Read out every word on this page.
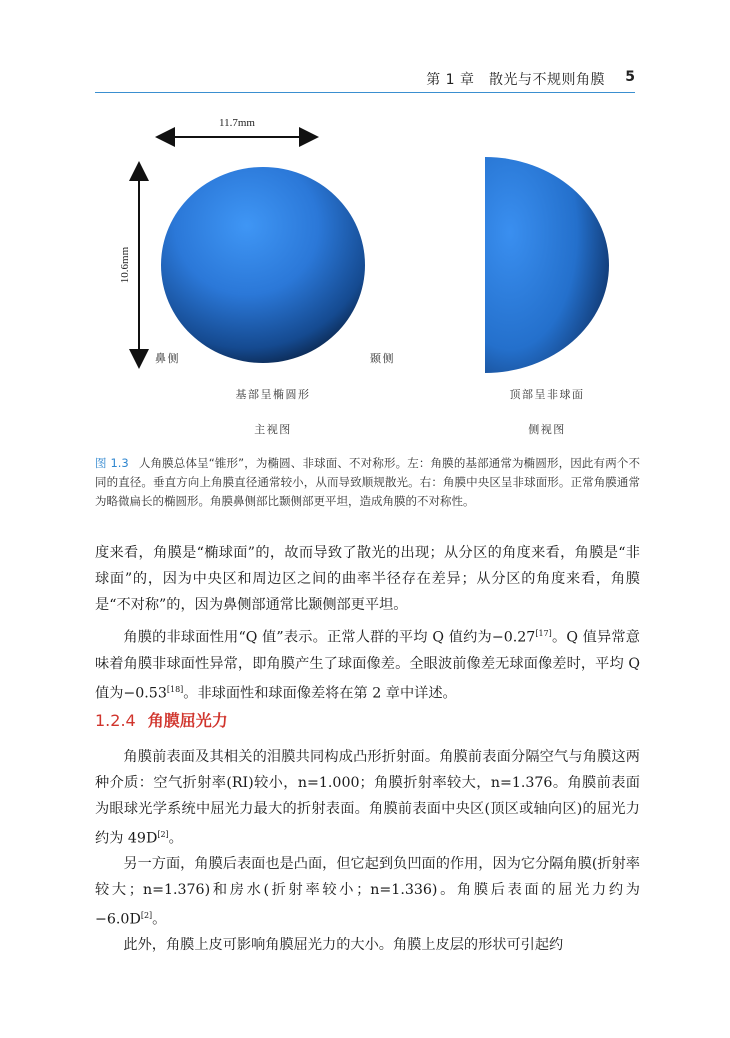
第 1 章　散光与不规则角膜 5
11.7mm
10.6mm
鼻侧	颞侧
基部呈椭圆形
主视图
顶部呈非球面
侧视图
图 1.3 人角膜总体呈“锥形”，为椭圆、非球面、不对称形。左：角膜的基部通常为椭圆形，因此有两个不同的直径。垂直方向上角膜直径通常较小，从而导致顺规散光。右：角膜中央区呈非球面形。正常角膜通常为略微扁长的椭圆形。角膜鼻侧部比颞侧部更平坦，造成角膜的不对称性。
度来看，角膜是“椭球面”的，故而导致了散光的出现；从分区的角度来看，角膜是“非球面”的，因为中央区和周边区之间的曲率半径存在差异；从分区的角度来看，角膜是“不对称”的，因为鼻侧部通常比颞侧部更平坦。
角膜的非球面性用“Q 值”表示。正常人群的平均 Q 值约为−0.27[17]。Q 值异常意味着角膜非球面性异常，即角膜产生了球面像差。全眼波前像差无球面像差时，平均 Q 值为−0.53[18]。非球面性和球面像差将在第 2 章中详述。
1.2.4 角膜屈光力
角膜前表面及其相关的泪膜共同构成凸形折射面。角膜前表面分隔空气与角膜这两种介质：空气折射率(RI)较小，n=1.000；角膜折射率较大，n=1.376。角膜前表面为眼球光学系统中屈光力最大的折射表面。角膜前表面中央区(顶区或轴向区)的屈光力约为 49D[2]。
另一方面，角膜后表面也是凸面，但它起到负凹面的作用，因为它分隔角膜(折射率较大；n=1.376)和房水(折射率较小；n=1.336)。角膜后表面的屈光力约为−6.0D[2]。
此外，角膜上皮可影响角膜屈光力的大小。角膜上皮层的形状可引起约
